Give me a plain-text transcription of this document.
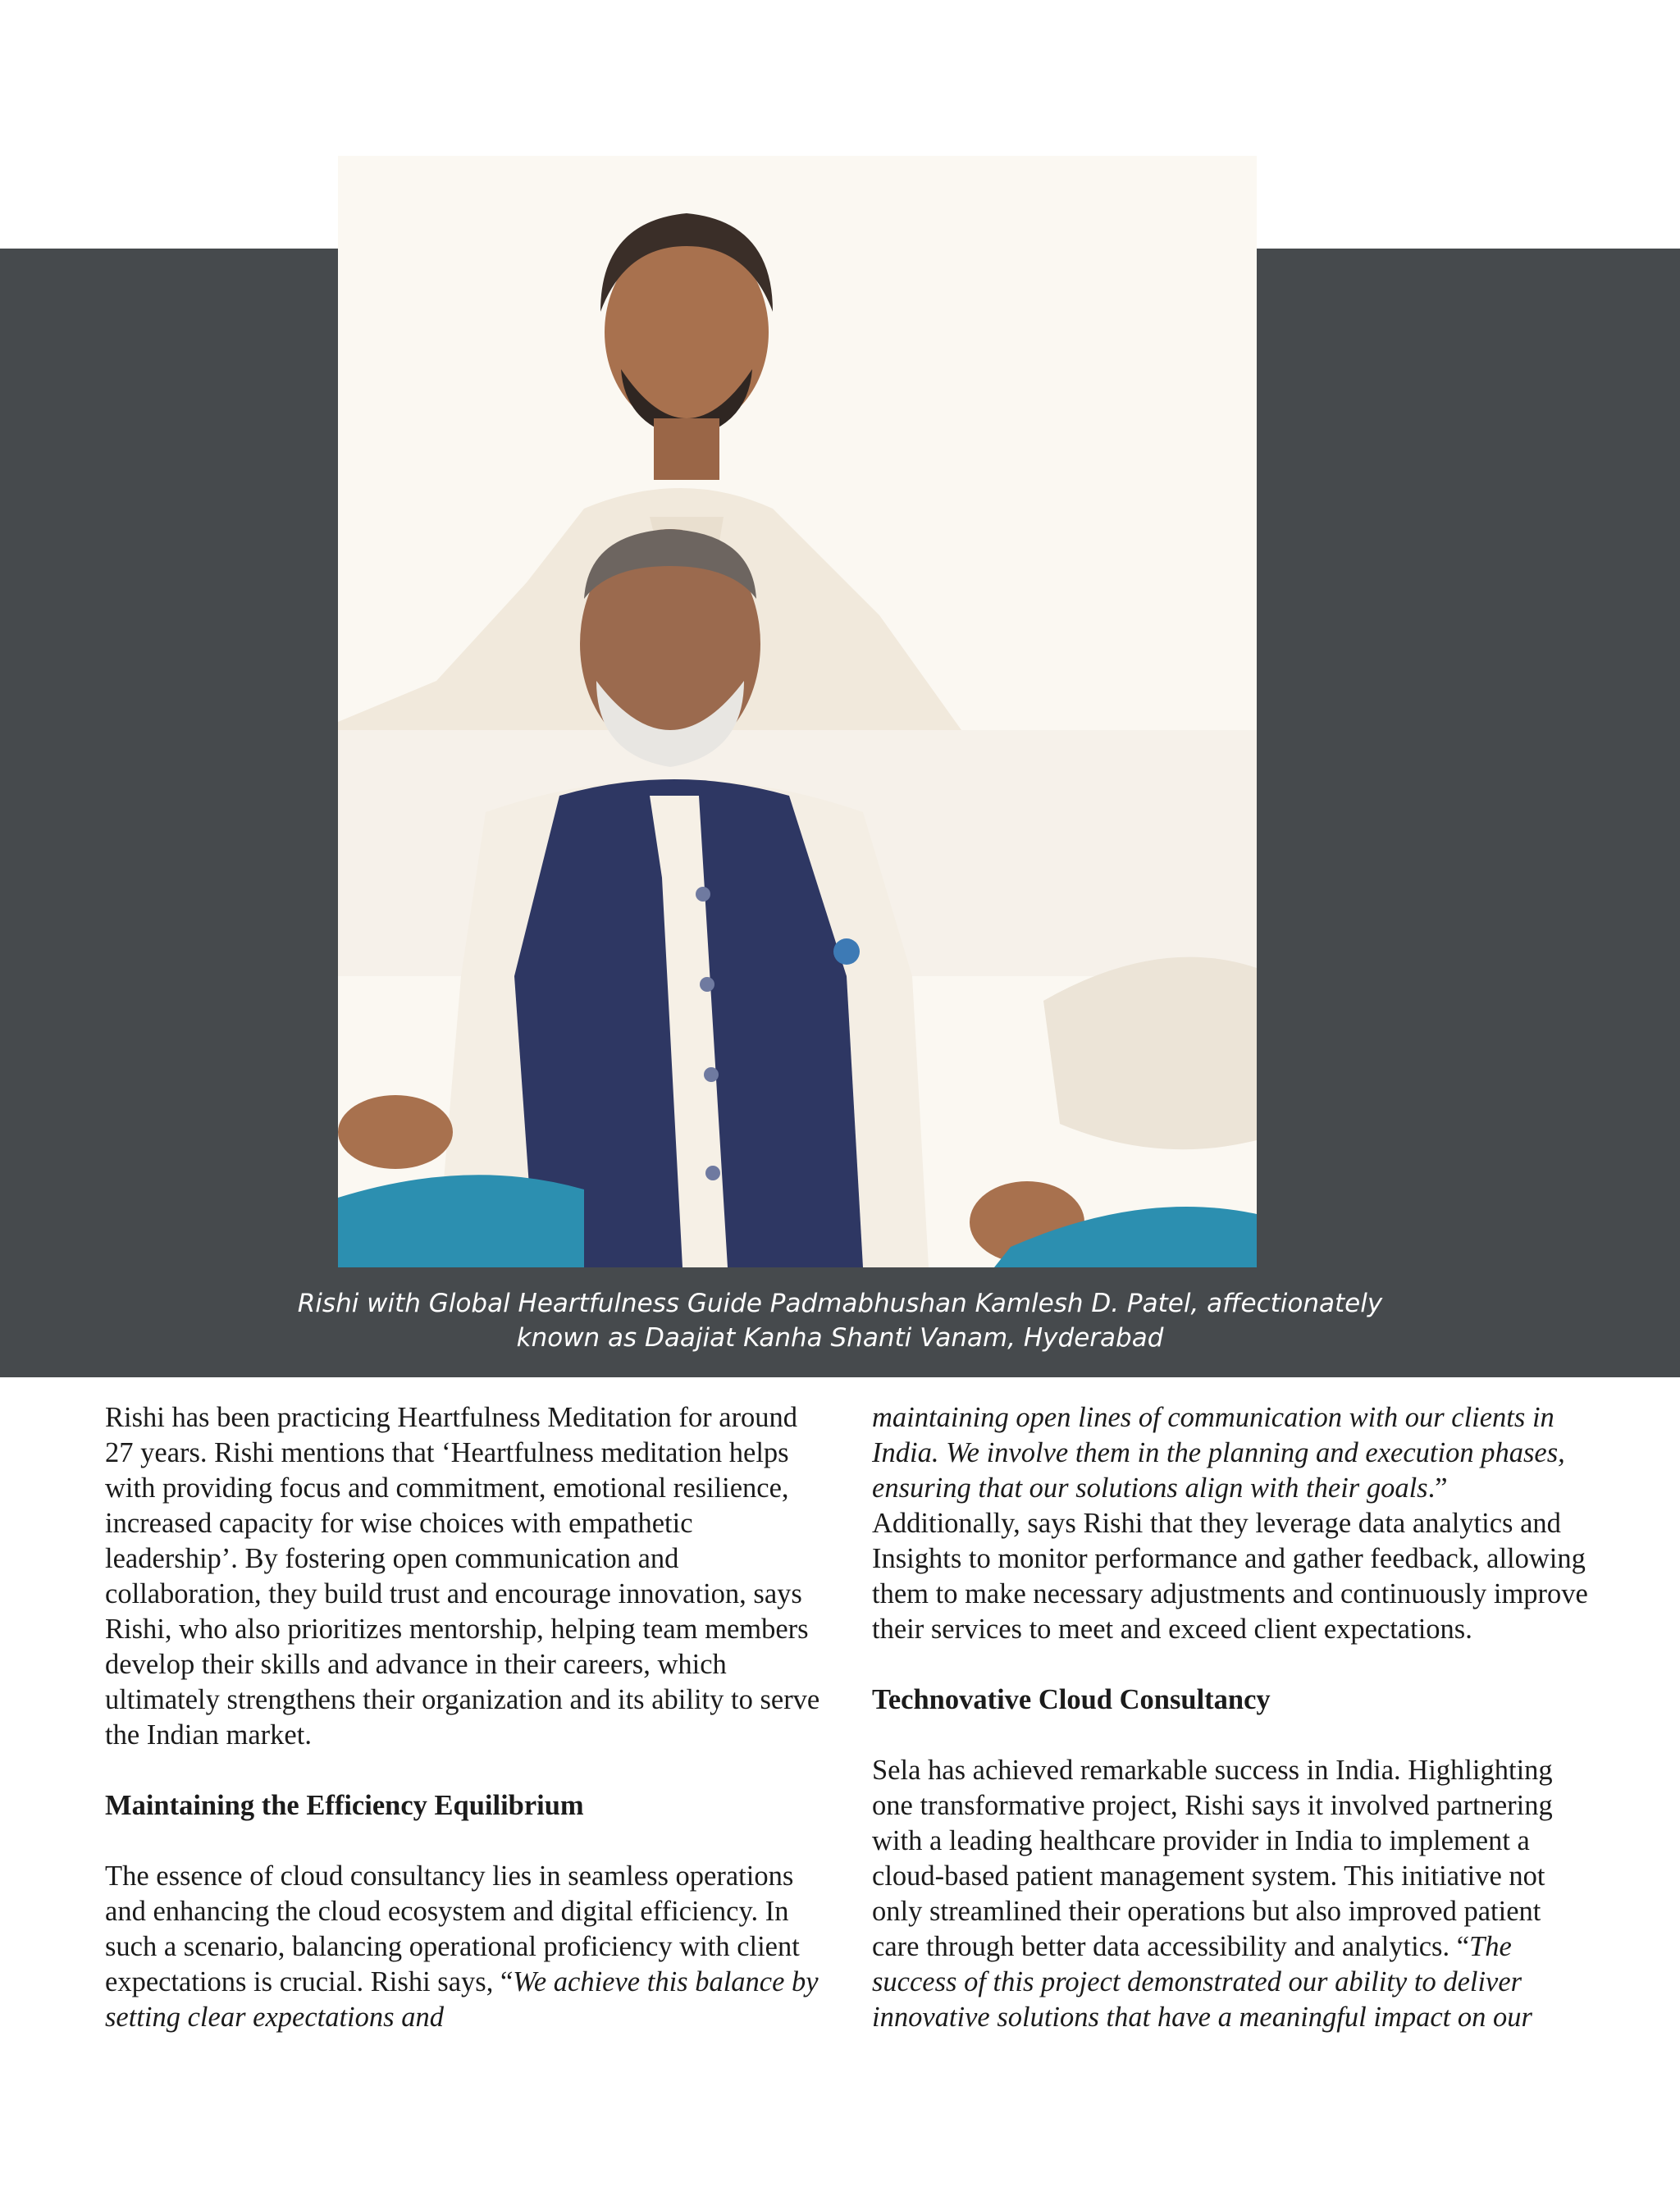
Rishi with Global Heartfulness Guide Padmabhushan Kamlesh D. Patel, affectionately
known as Daajiat Kanha Shanti Vanam, Hyderabad

Rishi has been practicing Heartfulness Meditation for around 27 years. Rishi mentions that ‘Heartfulness meditation helps with providing focus and commitment, emotional resilience, increased capacity for wise choices with empathetic leadership’. By fostering open communication and collaboration, they build trust and encourage innovation, says Rishi, who also prioritizes mentorship, helping team members develop their skills and advance in their careers, which ultimately strengthens their organization and its ability to serve the Indian market.

Maintaining the Efficiency Equilibrium

The essence of cloud consultancy lies in seamless operations and enhancing the cloud ecosystem and digital efficiency. In such a scenario, balancing operational proficiency with client expectations is crucial. Rishi says, “We achieve this balance by setting clear expectations and

maintaining open lines of communication with our clients in India. We involve them in the planning and execution phases, ensuring that our solutions align with their goals.” Additionally, says Rishi that they leverage data analytics and Insights to monitor performance and gather feedback, allowing them to make necessary adjustments and continuously improve their services to meet and exceed client expectations.

Technovative Cloud Consultancy

Sela has achieved remarkable success in India. Highlighting one transformative project, Rishi says it involved partnering with a leading healthcare provider in India to implement a cloud-based patient management system. This initiative not only streamlined their operations but also improved patient care through better data accessibility and analytics. “The success of this project demonstrated our ability to deliver innovative solutions that have a meaningful impact on our
